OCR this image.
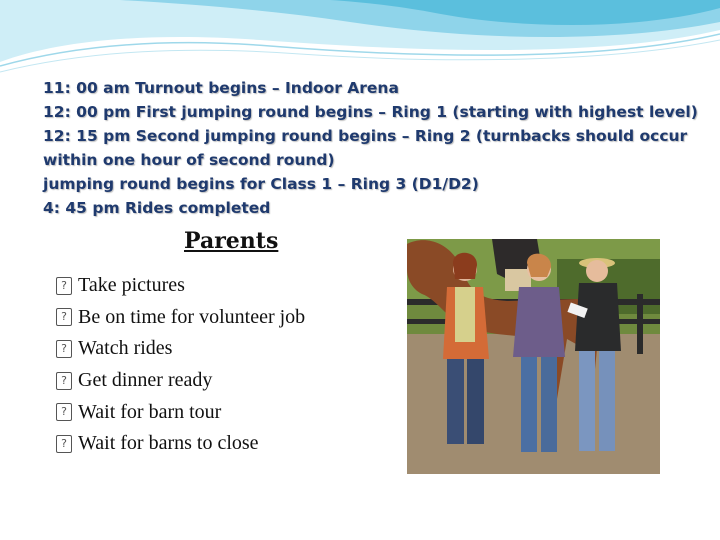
11: 00 am Turnout begins – Indoor Arena
12: 00 pm First jumping round begins – Ring 1 (starting with highest level)
12: 15 pm Second jumping round begins – Ring 2 (turnbacks should occur
within one hour of second round)
jumping round begins for Class 1 – Ring 3 (D1/D2)
4: 45 pm Rides completed
Parents
? Take pictures
? Be on time for volunteer job
? Watch rides
? Get dinner ready
? Wait for barn tour
? Wait for barns to close
